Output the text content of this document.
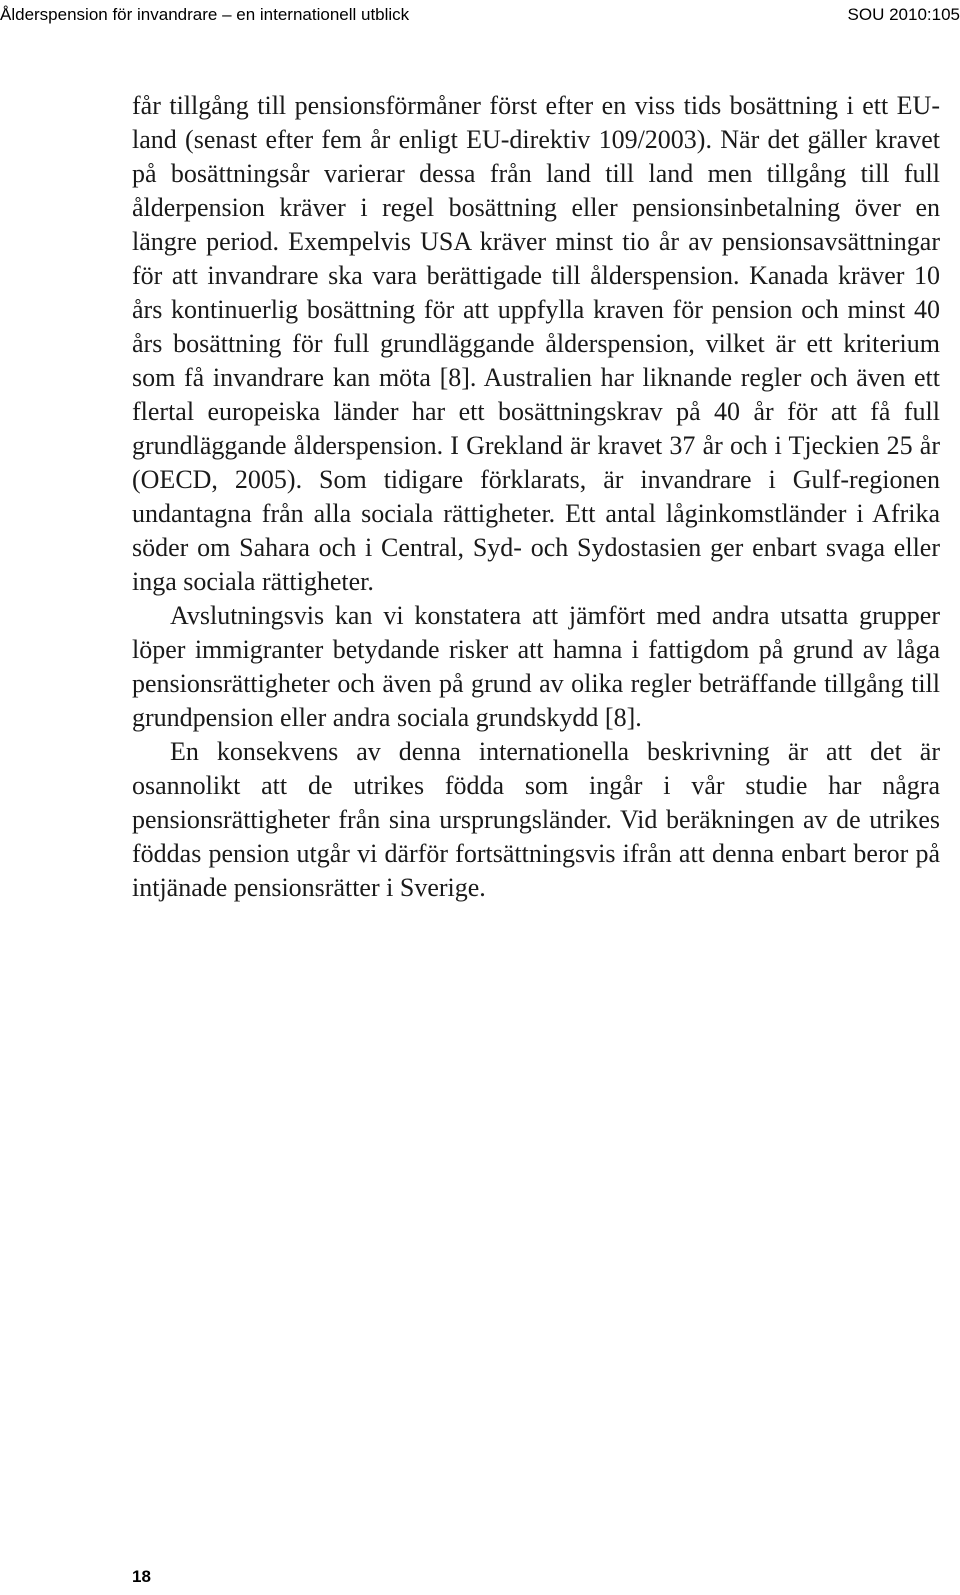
Ålderspension för invandrare – en internationell utblick	SOU 2010:105

får tillgång till pensionsförmåner först efter en viss tids bosättning i ett EU-land (senast efter fem år enligt EU-direktiv 109/2003). När det gäller kravet på bosättningsår varierar dessa från land till land men tillgång till full ålderpension kräver i regel bosättning eller pensionsinbetalning över en längre period. Exempelvis USA kräver minst tio år av pensionsavsättningar för att invandrare ska vara berättigade till ålderspension. Kanada kräver 10 års kontinuerlig bosättning för att uppfylla kraven för pension och minst 40 års bosättning för full grundläggande ålderspension, vilket är ett kriterium som få invandrare kan möta [8]. Australien har liknande regler och även ett flertal europeiska länder har ett bosättningskrav på 40 år för att få full grundläggande ålderspension. I Grekland är kravet 37 år och i Tjeckien 25 år (OECD, 2005). Som tidigare förklarats, är invandrare i Gulf-regionen undantagna från alla sociala rättigheter. Ett antal låginkomstländer i Afrika söder om Sahara och i Central, Syd- och Sydostasien ger enbart svaga eller inga sociala rättigheter.

Avslutningsvis kan vi konstatera att jämfört med andra utsatta grupper löper immigranter betydande risker att hamna i fattigdom på grund av låga pensionsrättigheter och även på grund av olika regler beträffande tillgång till grundpension eller andra sociala grundskydd [8].

En konsekvens av denna internationella beskrivning är att det är osannolikt att de utrikes födda som ingår i vår studie har några pensionsrättigheter från sina ursprungsländer. Vid beräkningen av de utrikes föddas pension utgår vi därför fortsättningsvis ifrån att denna enbart beror på intjänade pensionsrätter i Sverige.

18
